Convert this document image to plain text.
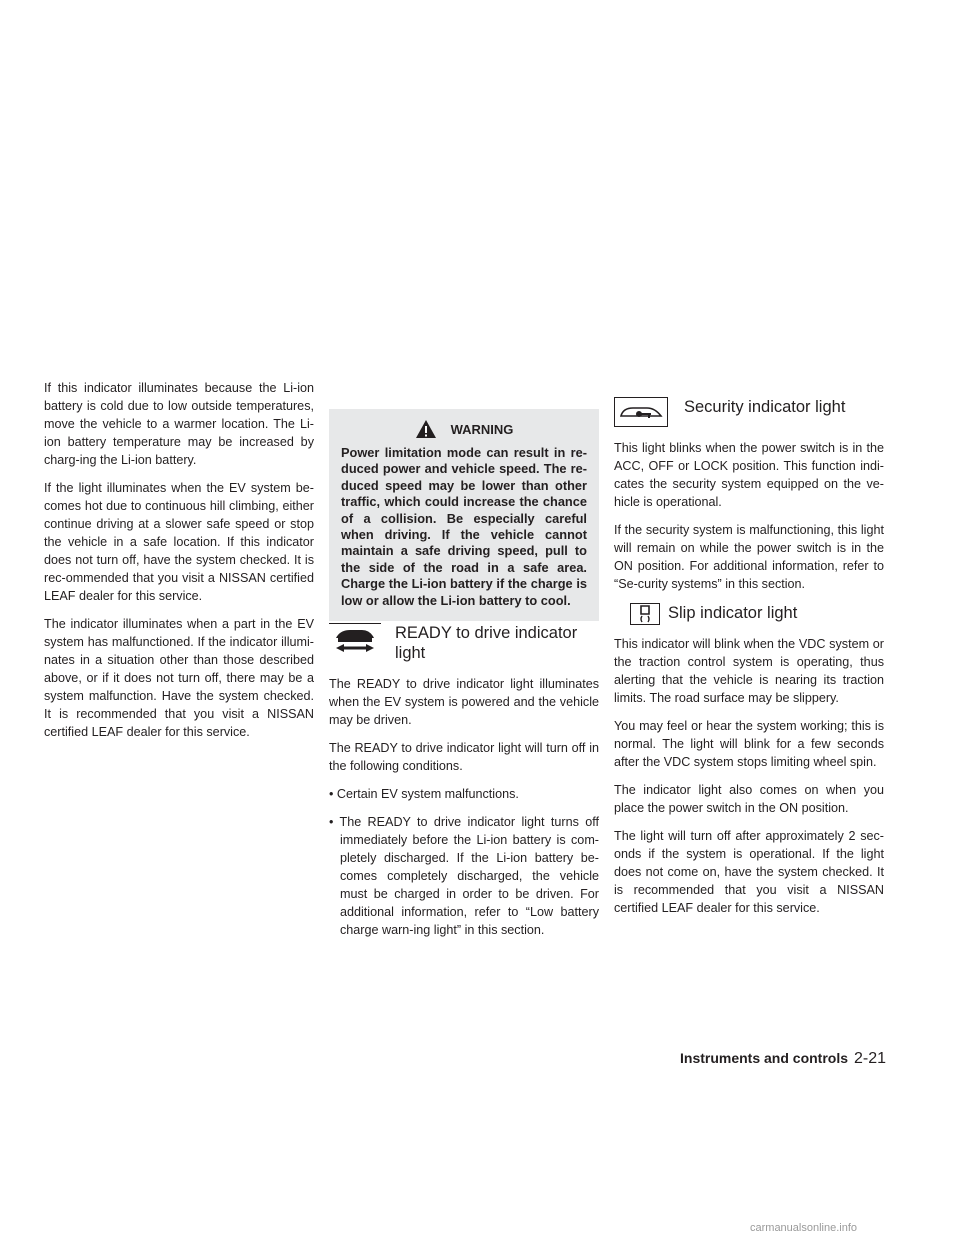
If this indicator illuminates because the Li-ion battery is cold due to low outside temperatures, move the vehicle to a warmer location. The Li-ion battery temperature may be increased by charg-ing the Li-ion battery.

If the light illuminates when the EV system be-comes hot due to continuous hill climbing, either continue driving at a slower safe speed or stop the vehicle in a safe location. If this indicator does not turn off, have the system checked. It is rec-ommended that you visit a NISSAN certified LEAF dealer for this service.

The indicator illuminates when a part in the EV system has malfunctioned. If the indicator illumi-nates in a situation other than those described above, or if it does not turn off, there may be a system malfunction. Have the system checked. It is recommended that you visit a NISSAN certified LEAF dealer for this service.

WARNING

Power limitation mode can result in re-duced power and vehicle speed. The re-duced speed may be lower than other traffic, which could increase the chance of a collision. Be especially careful when driving. If the vehicle cannot maintain a safe driving speed, pull to the side of the road in a safe area. Charge the Li-ion battery if the charge is low or allow the Li-ion battery to cool.

READY to drive indicator light

The READY to drive indicator light illuminates when the EV system is powered and the vehicle may be driven.

The READY to drive indicator light will turn off in the following conditions.

• Certain EV system malfunctions.

• The READY to drive indicator light turns off immediately before the Li-ion battery is com-pletely discharged. If the Li-ion battery be-comes completely discharged, the vehicle must be charged in order to be driven. For additional information, refer to “Low battery charge warn-ing light” in this section.

Security indicator light

This light blinks when the power switch is in the ACC, OFF or LOCK position. This function indi-cates the security system equipped on the ve-hicle is operational.

If the security system is malfunctioning, this light will remain on while the power switch is in the ON position. For additional information, refer to “Se-curity systems” in this section.

Slip indicator light

This indicator will blink when the VDC system or the traction control system is operating, thus alerting that the vehicle is nearing its traction limits. The road surface may be slippery.

You may feel or hear the system working; this is normal. The light will blink for a few seconds after the VDC system stops limiting wheel spin.

The indicator light also comes on when you place the power switch in the ON position.

The light will turn off after approximately 2 sec-onds if the system is operational. If the light does not come on, have the system checked. It is recommended that you visit a NISSAN certified LEAF dealer for this service.

Instruments and controls 2-21
carmanualsonline.info
